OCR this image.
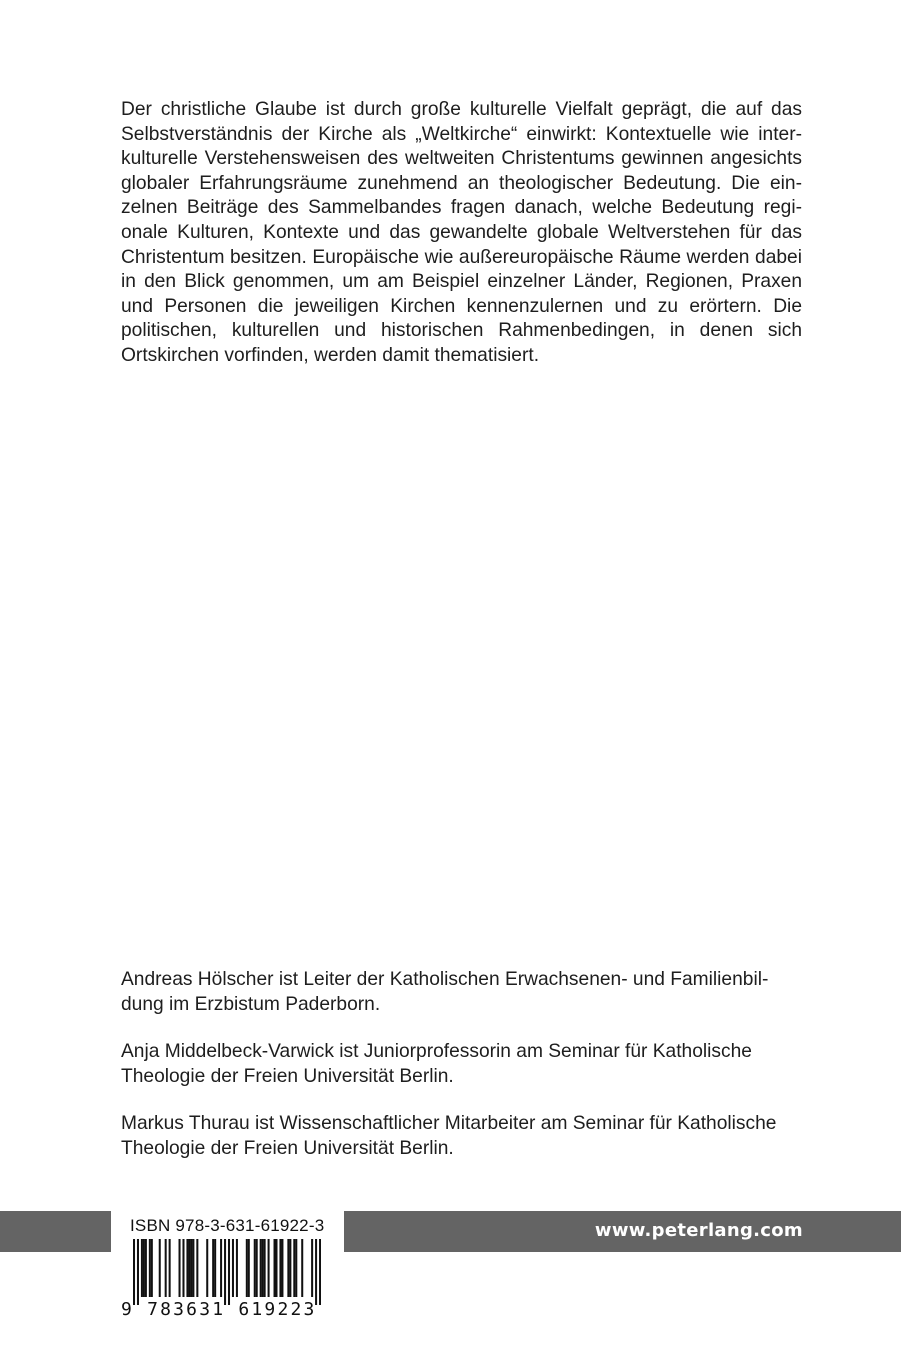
Der christliche Glaube ist durch große kulturelle Vielfalt geprägt, die auf das Selbstverständnis der Kirche als „Weltkirche“ einwirkt: Kontextuelle wie interkulturelle Verstehensweisen des weltweiten Christentums gewinnen angesichts globaler Erfahrungsräume zunehmend an theologischer Bedeutung. Die einzelnen Beiträge des Sammelbandes fragen danach, welche Bedeutung regionale Kulturen, Kontexte und das gewandelte globale Weltverstehen für das Christentum besitzen. Europäische wie außereuropäische Räume werden dabei in den Blick genommen, um am Beispiel einzelner Länder, Regionen, Praxen und Personen die jeweiligen Kirchen kennenzulernen und zu erörtern. Die politischen, kulturellen und historischen Rahmenbedingen, in denen sich Ortskirchen vorfinden, werden damit thematisiert.

Andreas Hölscher ist Leiter der Katholischen Erwachsenen- und Familienbildung im Erzbistum Paderborn.

Anja Middelbeck-Varwick ist Juniorprofessorin am Seminar für Katholische Theologie der Freien Universität Berlin.

Markus Thurau ist Wissenschaftlicher Mitarbeiter am Seminar für Katholische Theologie der Freien Universität Berlin.

www.peterlang.com
ISBN 978-3-631-61922-3
9 783631 619223
